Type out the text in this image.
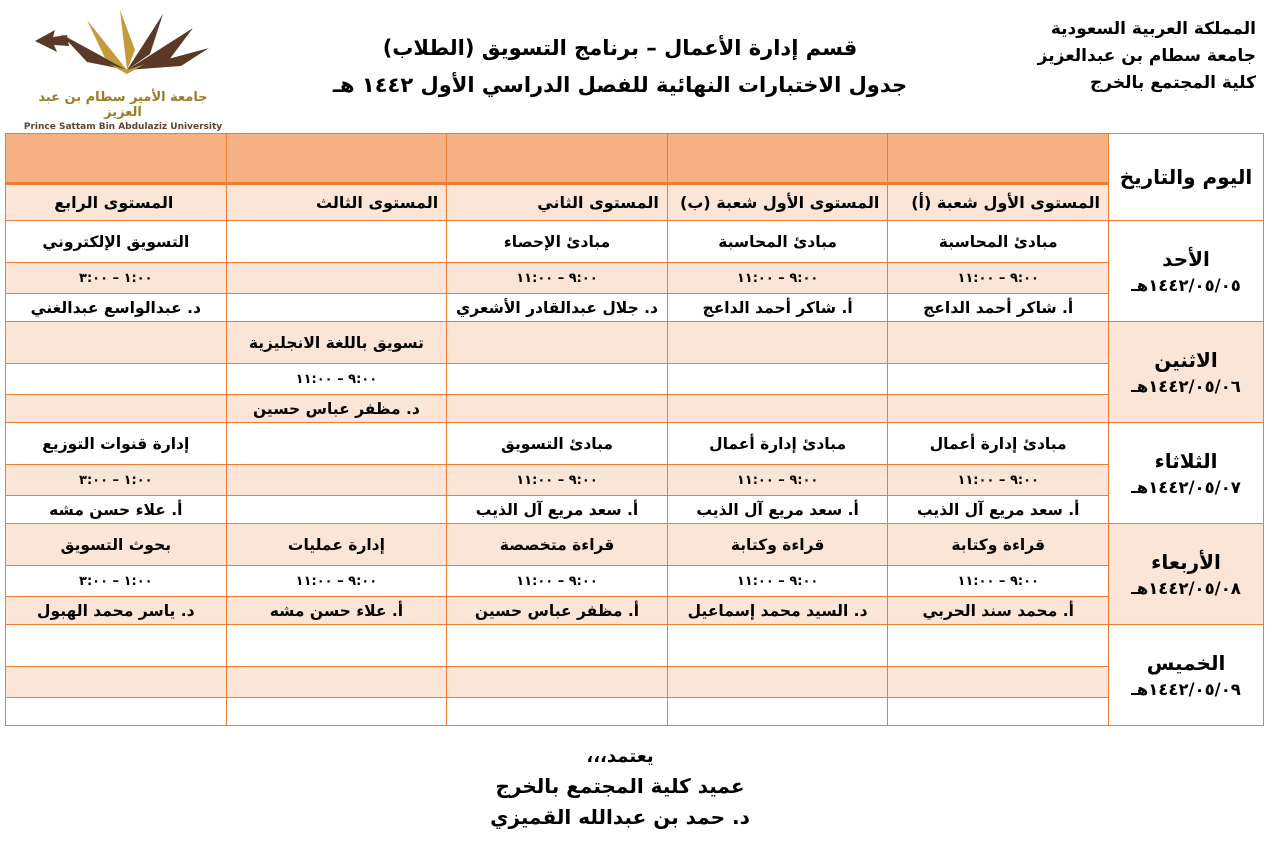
جامعة الأمير سطام بن عبد العزيز
Prince Sattam Bin Abdulaziz University
قسم إدارة الأعمال – برنامج التسويق (الطلاب)
جدول الاختبارات النهائية للفصل الدراسي الأول ١٤٤٢ هـ
المملكة العربية السعودية
جامعة سطام بن عبدالعزيز
كلية المجتمع بالخرج
اليوم والتاريخ					
	المستوى الأول شعبة (أ)	المستوى الأول شعبة (ب)	المستوى الثاني	المستوى الثالث	المستوى الرابع

الأحد
١٤٤٢/٠٥/٠٥هـ	مبادئ المحاسبة	مبادئ المحاسبة	مبادئ الإحصاء		التسويق الإلكتروني
	٩:٠٠ – ١١:٠٠	٩:٠٠ – ١١:٠٠	٩:٠٠ – ١١:٠٠		١:٠٠ – ٣:٠٠
	أ. شاكر أحمد الداعج	أ. شاكر أحمد الداعج	د. جلال عبدالقادر الأشعري		د. عبدالواسع عبدالغني

الاثنين
١٤٤٢/٠٥/٠٦هـ				تسويق باللغة الانجليزية	
				٩:٠٠ – ١١:٠٠	
				د. مظفر عباس حسين	

الثلاثاء
١٤٤٢/٠٥/٠٧هـ	مبادئ إدارة أعمال	مبادئ إدارة أعمال	مبادئ التسويق		إدارة قنوات التوزيع
	٩:٠٠ – ١١:٠٠	٩:٠٠ – ١١:٠٠	٩:٠٠ – ١١:٠٠		١:٠٠ – ٣:٠٠
	أ. سعد مريع آل الذيب	أ. سعد مريع آل الذيب	أ. سعد مريع آل الذيب		أ. علاء حسن مشه

الأربعاء
١٤٤٢/٠٥/٠٨هـ	قراءة وكتابة	قراءة وكتابة	قراءة متخصصة	إدارة عمليات	بحوث التسويق
	٩:٠٠ – ١١:٠٠	٩:٠٠ – ١١:٠٠	٩:٠٠ – ١١:٠٠	٩:٠٠ – ١١:٠٠	١:٠٠ – ٣:٠٠
	أ. محمد سند الحربي	د. السيد محمد إسماعيل	أ. مظفر عباس حسين	أ. علاء حسن مشه	د. ياسر محمد الهبول

الخميس
١٤٤٢/٠٥/٠٩هـ					

يعتمد،،،
عميد كلية المجتمع بالخرج
د. حمد بن عبدالله القميزي
